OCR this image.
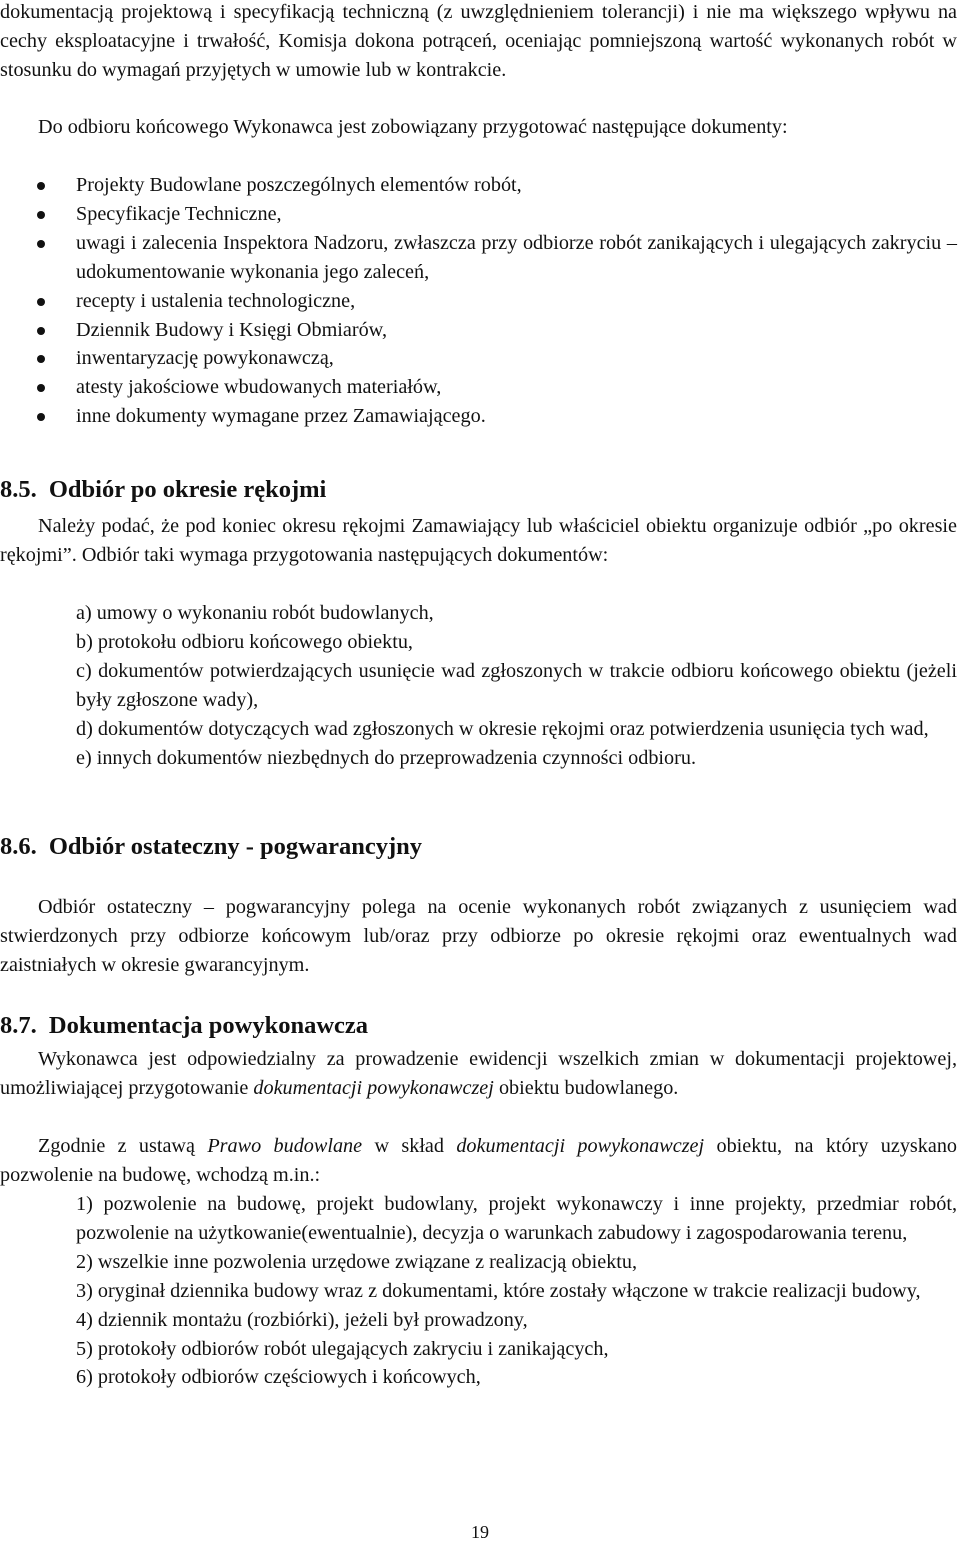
dokumentacją projektową i specyfikacją techniczną (z uwzględnieniem tolerancji) i nie ma większego wpływu na cechy eksploatacyjne i trwałość, Komisja dokona potrąceń, oceniając pomniejszoną wartość wykonanych robót w stosunku do wymagań przyjętych w umowie lub w kontrakcie.

Do odbioru końcowego Wykonawca jest zobowiązany przygotować następujące dokumenty:

Projekty Budowlane poszczególnych elementów robót,
Specyfikacje Techniczne,
uwagi i zalecenia Inspektora Nadzoru, zwłaszcza przy odbiorze robót zanikających i ulegających zakryciu – udokumentowanie wykonania jego zaleceń,
recepty i ustalenia technologiczne,
Dziennik Budowy i Księgi Obmiarów,
inwentaryzację powykonawczą,
atesty jakościowe wbudowanych materiałów,
inne dokumenty wymagane przez Zamawiającego.
8.5. Odbiór po okresie rękojmi

Należy podać, że pod koniec okresu rękojmi Zamawiający lub właściciel obiektu organizuje odbiór „po okresie rękojmi”. Odbiór taki wymaga przygotowania następujących dokumentów:

a) umowy o wykonaniu robót budowlanych,
b) protokołu odbioru końcowego obiektu,
c) dokumentów potwierdzających usunięcie wad zgłoszonych w trakcie odbioru końcowego obiektu (jeżeli były zgłoszone wady),
d) dokumentów dotyczących wad zgłoszonych w okresie rękojmi oraz potwierdzenia usunięcia tych wad,
e) innych dokumentów niezbędnych do przeprowadzenia czynności odbioru.
8.6. Odbiór ostateczny - pogwarancyjny

Odbiór ostateczny – pogwarancyjny polega na ocenie wykonanych robót związanych z usunięciem wad stwierdzonych przy odbiorze końcowym lub/oraz przy odbiorze po okresie rękojmi oraz ewentualnych wad zaistniałych w okresie gwarancyjnym.

8.7. Dokumentacja powykonawcza

Wykonawca jest odpowiedzialny za prowadzenie ewidencji wszelkich zmian w dokumentacji projektowej, umożliwiającej przygotowanie dokumentacji powykonawczej obiektu budowlanego.

Zgodnie z ustawą Prawo budowlane w skład dokumentacji powykonawczej obiektu, na który uzyskano pozwolenie na budowę, wchodzą m.in.:

1) pozwolenie na budowę, projekt budowlany, projekt wykonawczy i inne projekty, przedmiar robót, pozwolenie na użytkowanie(ewentualnie), decyzja o warunkach zabudowy i zagospodarowania terenu,
2) wszelkie inne pozwolenia urzędowe związane z realizacją obiektu,
3) oryginał dziennika budowy wraz z dokumentami, które zostały włączone w trakcie realizacji budowy,
4) dziennik montażu (rozbiórki), jeżeli był prowadzony,
5) protokoły odbiorów robót ulegających zakryciu i zanikających,
6) protokoły odbiorów częściowych i końcowych,
19
